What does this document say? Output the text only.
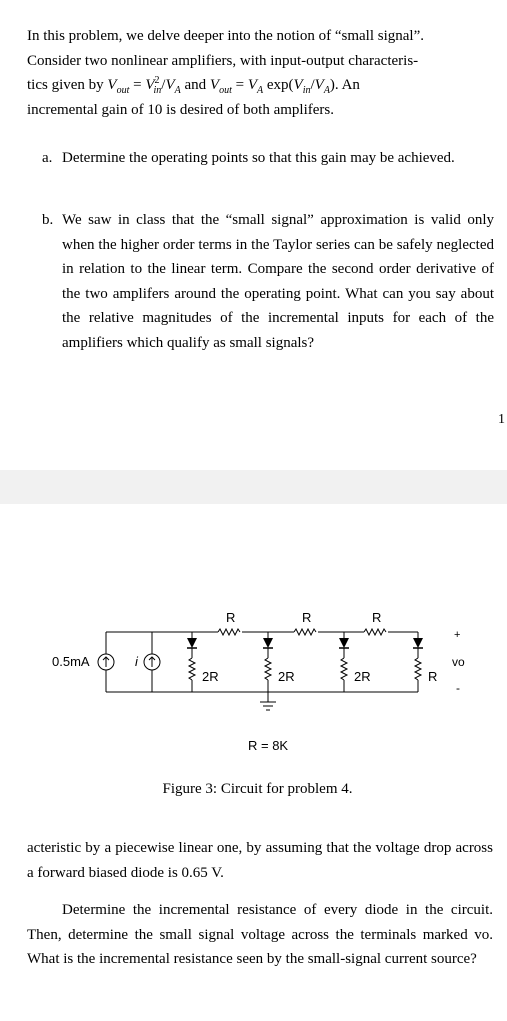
In this problem, we delve deeper into the notion of “small signal”.
Consider two nonlinear amplifiers, with input-output characteris-
tics given by $V_{out} = V^2_{in}/V_A$ and $V_{out} = V_A$ $\exp(V_{in}/V_A)$. An
incremental gain of 10 is desired of both amplifers.
a. Determine the operating points so that this gain may be achieved.
b. We saw in class that the “small signal” approximation is valid only when the higher order terms in the Taylor series can be safely neglected in relation to the linear term. Compare the second order derivative of the two amplifers around the operating point. What can you say about the relative magnitudes of the incremental inputs for each of the amplifiers which qualify as small signals?
1
0.5mA	i
R	R	R
2R	2R	2R	R
+
vo
-
R = 8K
Figure 3: Circuit for problem 4.
acteristic by a piecewise linear one, by assuming that the voltage drop across a forward biased diode is 0.65 V.
Determine the incremental resistance of every diode in the circuit. Then, determine the small signal voltage across the terminals marked vo. What is the incremental resistance seen by the small-signal current source?
